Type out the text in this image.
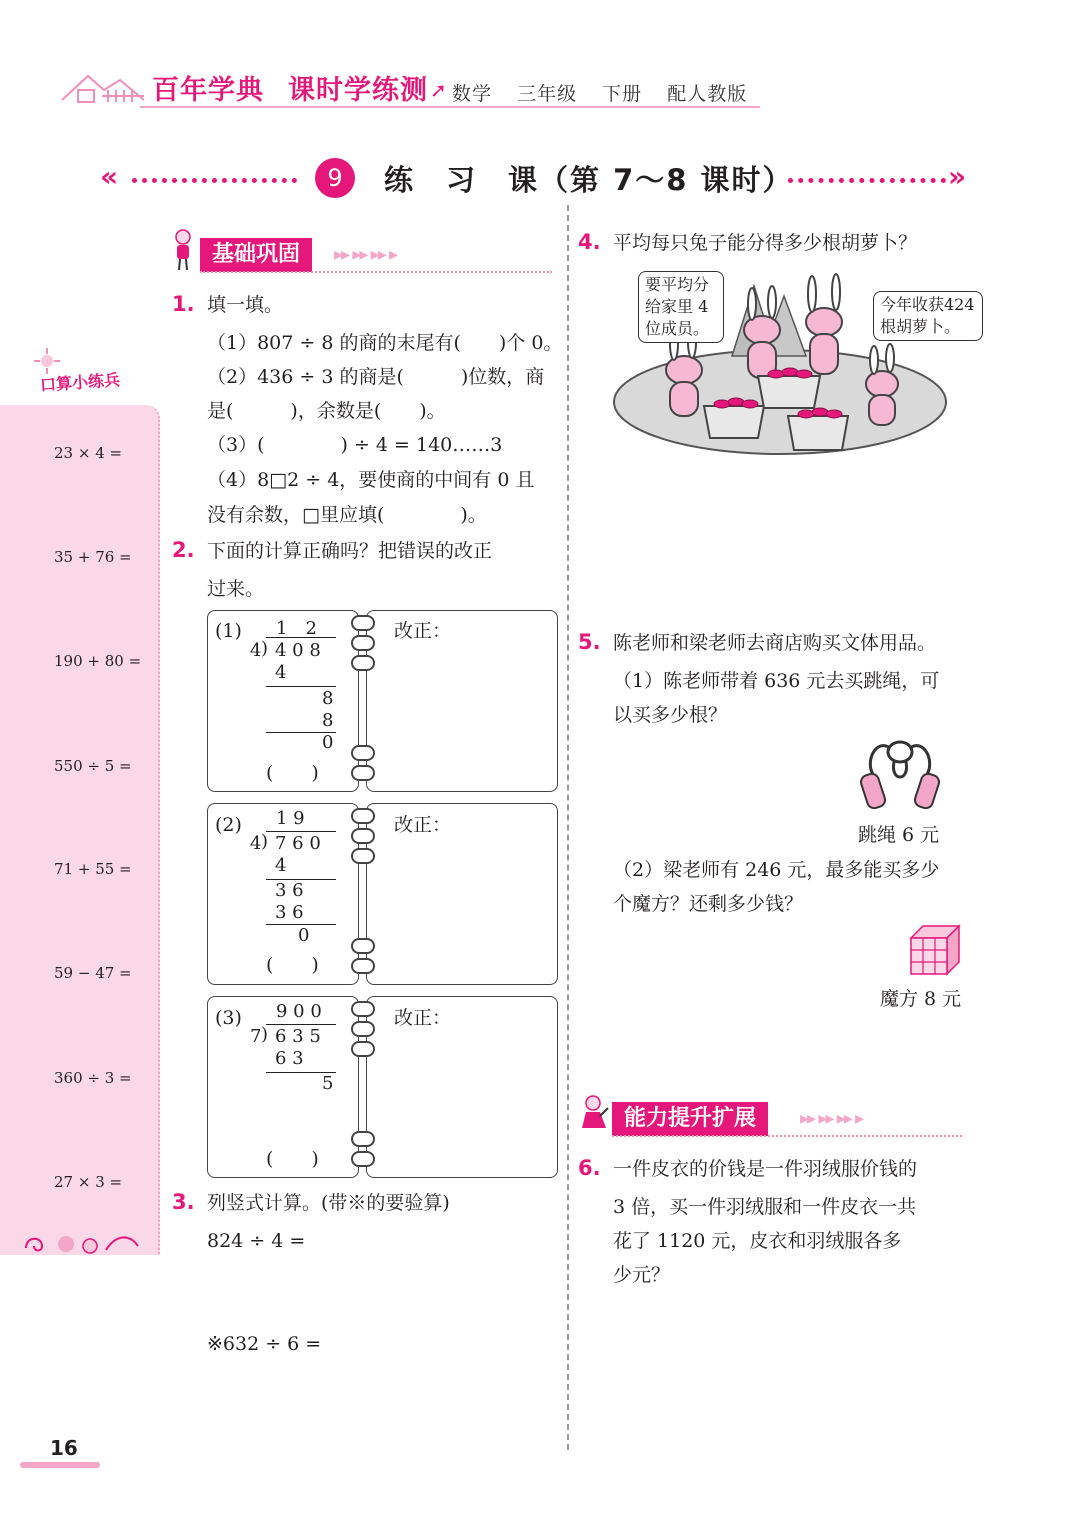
百年学典 课时学练测 ➚ 数学 三年级 下册 配人教版
«	9	练　习　课（第 7～8 课时）	»
口算小练兵
23 × 4 =
35 + 76 =
190 + 80 =
550 ÷ 5 =
71 + 55 =
59 − 47 =
360 ÷ 3 =
27 × 3 =
基础巩固	▸▸ ▸▸ ▸▸ ▸
1. 填一填。
（1）807 ÷ 8 的商的末尾有(　　)个 0。
（2）436 ÷ 3 的商是(　　　)位数，商
是(　　　)，余数是(　　)。
（3）(　　　　) ÷ 4 = 140……3
（4）8□2 ÷ 4，要使商的中间有 0 且
没有余数，□里应填(　　　　)。
2. 下面的计算正确吗？把错误的改正
过来。
(1) 1　2
4 ) 4 0 8
4
8
8
0
(　　)
改正：
(2) 1 9
4 ) 7 6 0
4
3 6
3 6
0
(　　)
改正：
(3) 9 0 0
7 ) 6 3 5
6 3
5
(　　)
改正：
3. 列竖式计算。(带※的要验算)
824 ÷ 4 =
※632 ÷ 6 =
4. 平均每只兔子能分得多少根胡萝卜？
要平均分
给家里 4
位成员。
今年收获424
根胡萝卜。
5. 陈老师和梁老师去商店购买文体用品。
（1）陈老师带着 636 元去买跳绳，可
以买多少根？
跳绳 6 元
（2）梁老师有 246 元，最多能买多少
个魔方？还剩多少钱？
魔方 8 元
能力提升扩展	▸▸ ▸▸ ▸▸ ▸
6. 一件皮衣的价钱是一件羽绒服价钱的
3 倍，买一件羽绒服和一件皮衣一共
花了 1120 元，皮衣和羽绒服各多
少元？
16
